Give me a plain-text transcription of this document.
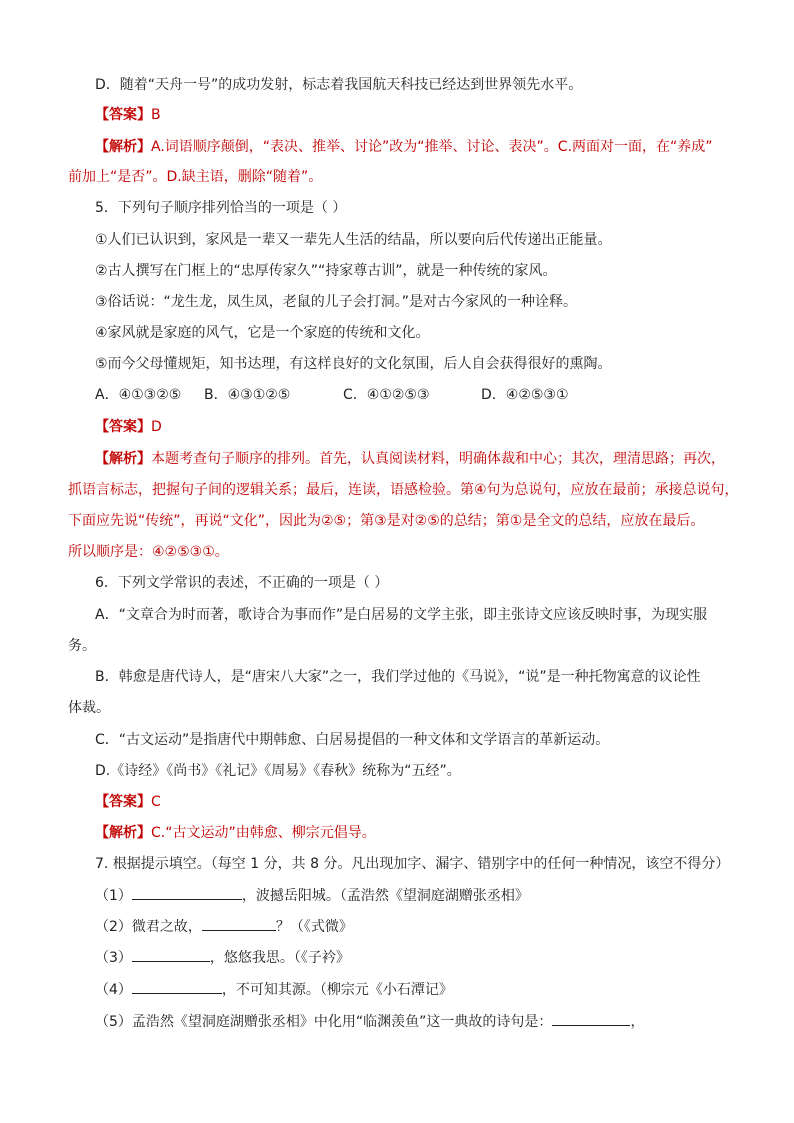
D．随着“天舟一号”的成功发射，标志着我国航天科技已经达到世界领先水平。
【答案】B
【解析】A.词语顺序颠倒，“表决、推举、讨论”改为“推举、讨论、表决”。C.两面对一面，在“养成”
前加上“是否”。D.缺主语，删除“随着”。
5．下列句子顺序排列恰当的一项是（ ）
①人们已认识到，家风是一辈又一辈先人生活的结晶，所以要向后代传递出正能量。
②古人撰写在门框上的“忠厚传家久”“持家尊古训”，就是一种传统的家风。
③俗话说：“龙生龙，凤生凤，老鼠的儿子会打洞。”是对古今家风的一种诠释。
④家风就是家庭的风气，它是一个家庭的传统和文化。
⑤而今父母懂规矩，知书达理，有这样良好的文化氛围，后人自会获得很好的熏陶。
A．④①③②⑤ B．④③①②⑤	C．④①②⑤③	D．④②⑤③①
【答案】D
【解析】本题考查句子顺序的排列。首先，认真阅读材料，明确体裁和中心；其次，理清思路；再次，
抓语言标志，把握句子间的逻辑关系；最后，连读，语感检验。第④句为总说句，应放在最前；承接总说句，
下面应先说“传统”，再说“文化”，因此为②⑤；第③是对②⑤的总结；第①是全文的总结，应放在最后。
所以顺序是：④②⑤③①。
6．下列文学常识的表述，不正确的一项是（ ）
A．“文章合为时而著，歌诗合为事而作”是白居易的文学主张，即主张诗文应该反映时事，为现实服
务。
B．韩愈是唐代诗人，是“唐宋八大家”之一，我们学过他的《马说》，“说”是一种托物寓意的议论性
体裁。
C．“古文运动”是指唐代中期韩愈、白居易提倡的一种文体和文学语言的革新运动。
D.《诗经》《尚书》《礼记》《周易》《春秋》统称为“五经”。
【答案】C
【解析】C.“古文运动”由韩愈、柳宗元倡导。
7. 根据提示填空。（每空 1 分，共 8 分。凡出现加字、漏字、错别字中的任何一种情况，该空不得分）
（1）	，波撼岳阳城。（孟浩然《望洞庭湖赠张丞相》
（2）微君之故，	？（《式微》
（3）	，悠悠我思。（《子衿》
（4）	，不可知其源。（柳宗元《小石潭记》
（5）孟浩然《望洞庭湖赠张丞相》中化用“临渊羡鱼”这一典故的诗句是：	，
